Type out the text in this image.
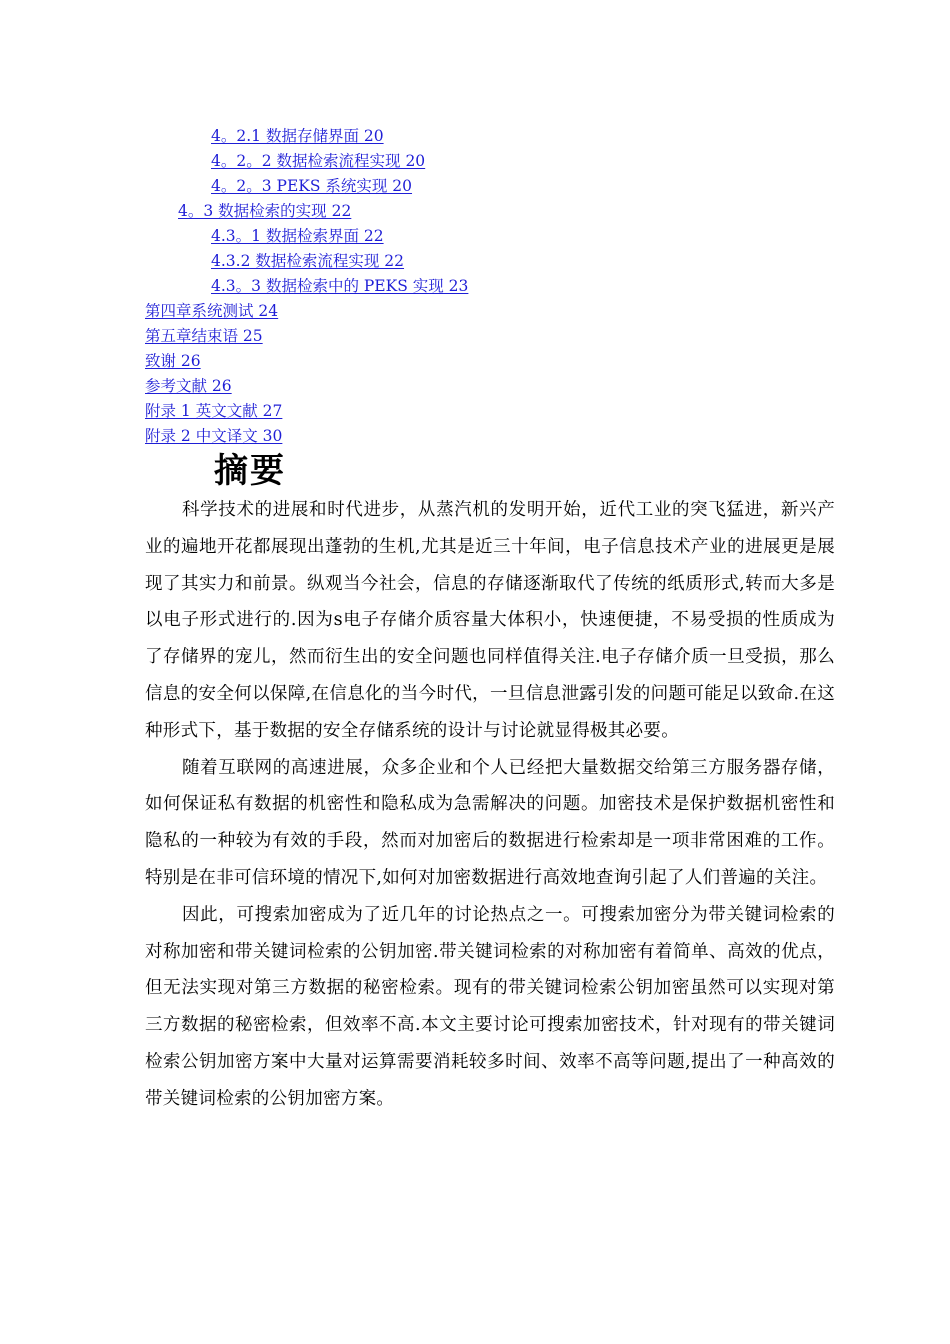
4。2.1 数据存储界面 20
4。2。2 数据检索流程实现 20
4。2。3 PEKS 系统实现 20
4。3 数据检索的实现 22
4.3。1 数据检索界面 22
4.3.2 数据检索流程实现 22
4.3。3 数据检索中的 PEKS 实现 23
第四章系统测试 24
第五章结束语 25
致谢 26
参考文献 26
附录 1 英文文献 27
附录 2 中文译文 30
摘要

科学技术的进展和时代进步，从蒸汽机的发明开始，近代工业的突飞猛进，新兴产业的遍地开花都展现出蓬勃的生机,尤其是近三十年间，电子信息技术产业的进展更是展现了其实力和前景。纵观当今社会，信息的存储逐渐取代了传统的纸质形式,转而大多是以电子形式进行的.因为s电子存储介质容量大体积小，快速便捷，不易受损的性质成为了存储界的宠儿，然而衍生出的安全问题也同样值得关注.电子存储介质一旦受损，那么信息的安全何以保障,在信息化的当今时代，一旦信息泄露引发的问题可能足以致命.在这种形式下，基于数据的安全存储系统的设计与讨论就显得极其必要。

随着互联网的高速进展，众多企业和个人已经把大量数据交给第三方服务器存储，如何保证私有数据的机密性和隐私成为急需解决的问题。加密技术是保护数据机密性和隐私的一种较为有效的手段，然而对加密后的数据进行检索却是一项非常困难的工作。特别是在非可信环境的情况下,如何对加密数据进行高效地查询引起了人们普遍的关注。

因此，可搜索加密成为了近几年的讨论热点之一。可搜索加密分为带关键词检索的对称加密和带关键词检索的公钥加密.带关键词检索的对称加密有着简单、高效的优点，但无法实现对第三方数据的秘密检索。现有的带关键词检索公钥加密虽然可以实现对第三方数据的秘密检索，但效率不高.本文主要讨论可搜索加密技术，针对现有的带关键词检索公钥加密方案中大量对运算需要消耗较多时间、效率不高等问题,提出了一种高效的带关键词检索的公钥加密方案。
